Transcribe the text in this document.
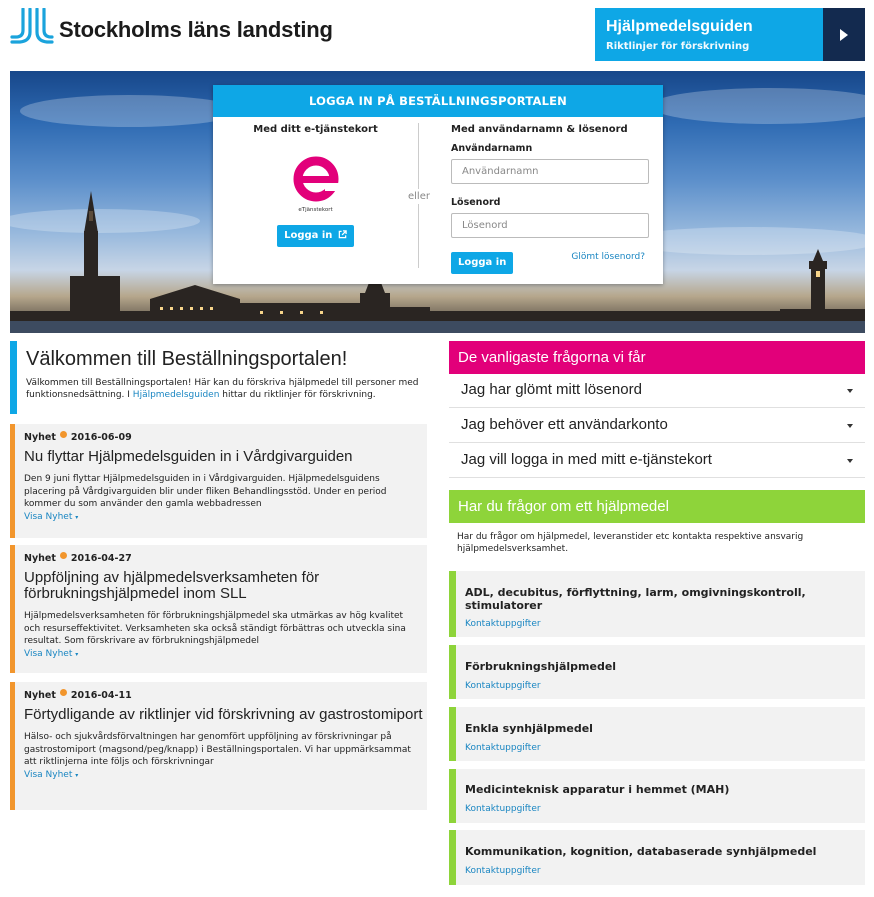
Stockholms läns landsting	Hjälpmedelsguiden
Riktlinjer för förskrivning
LOGGA IN PÅ BESTÄLLNINGSPORTALEN
Med ditt e-tjänstekort
eTjänstekort
Logga in
eller
Med användarnamn & lösenord
Användarnamn
Användarnamn
Lösenord
Logga in	Glömt lösenord?
Välkommen till Beställningsportalen!

Välkommen till Beställningsportalen! Här kan du förskriva hjälpmedel till personer med funktionsnedsättning. I Hjälpmedelsguiden hittar du riktlinjer för förskrivning.

Nyhet 2016-06-09
Nu flyttar Hjälpmedelsguiden in i Vårdgivarguiden

Den 9 juni flyttar Hjälpmedelsguiden in i Vårdgivarguiden. Hjälpmedelsguidens placering på Vårdgivarguiden blir under fliken Behandlingsstöd. Under en period kommer du som använder den gamla webbadressen

Visa Nyhet ▾
Nyhet 2016-04-27
Uppföljning av hjälpmedelsverksamheten för förbrukningshjälpmedel inom SLL

Hjälpmedelsverksamheten för förbrukningshjälpmedel ska utmärkas av hög kvalitet och resurseffektivitet. Verksamheten ska också ständigt förbättras och utveckla sina resultat. Som förskrivare av förbrukningshjälpmedel

Visa Nyhet ▾
Nyhet 2016-04-11
Förtydligande av riktlinjer vid förskrivning av gastrostomiport

Hälso- och sjukvårdsförvaltningen har genomfört uppföljning av förskrivningar på gastrostomiport (magsond/peg/knapp) i Beställningsportalen. Vi har uppmärksammat att riktlinjerna inte följs och förskrivningar

Visa Nyhet ▾
De vanligaste frågorna vi får
Jag har glömt mitt lösenord
Jag behöver ett användarkonto
Jag vill logga in med mitt e-tjänstekort
Har du frågor om ett hjälpmedel
Har du frågor om hjälpmedel, leveranstider etc kontakta respektive ansvarig hjälpmedelsverksamhet.
ADL, decubitus, förflyttning, larm, omgivningskontroll, stimulatorer
Kontaktuppgifter
Förbrukningshjälpmedel
Kontaktuppgifter
Enkla synhjälpmedel
Kontaktuppgifter
Medicinteknisk apparatur i hemmet (MAH)
Kontaktuppgifter
Kommunikation, kognition, databaserade synhjälpmedel
Kontaktuppgifter
